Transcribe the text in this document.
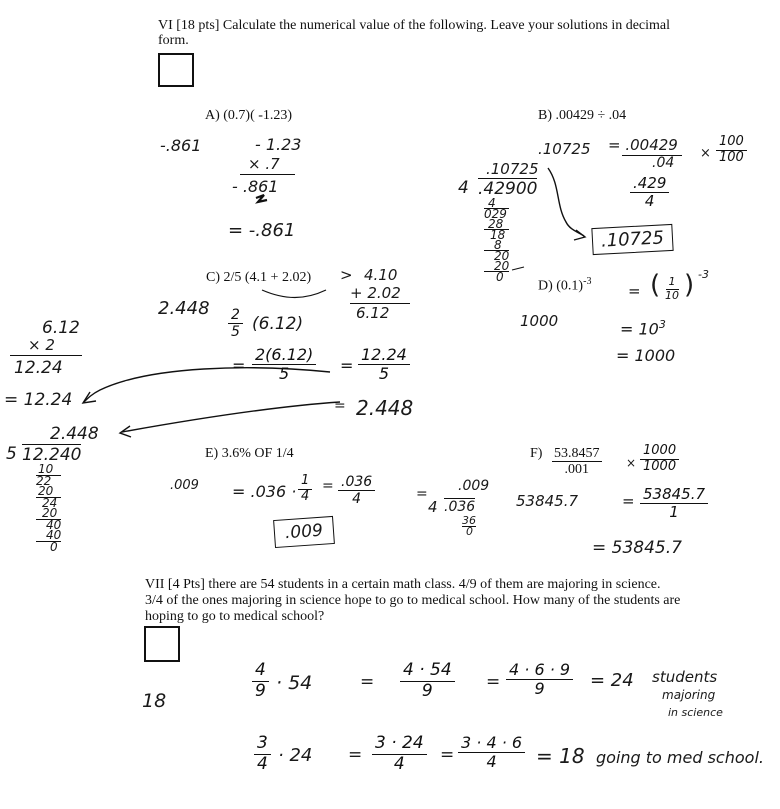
VI [18 pts] Calculate the numerical value of the following. Leave your solutions in decimal
form.
A) (0.7)( -1.23)
-.861	- 1.23
× .7
- .861
= -.861
B) .00429 ÷ .04
.10725
.10725
4 .42900
4
029
28
18
8
20
20
0
= .00429
.04
× $\frac{100}{100}$
$\frac{.429}{4}$
.10725
C) 2/5 (4.1 + 2.02) > 4.10
+ 2.02
6.12
$2.448 \frac{2}{5} (6.12)$
= $\frac{2(6.12)}{5} = \frac{12.24}{5}$
= 2.448
6.12
× 2
12.24
= 12.24
2.448
5 12.240
10
22
20
24
20
40
40
0
D) $(0.1)^{-3}$
1000
= ( $\frac{1}{10}$ ) -3
= $10^3$
= 1000
E) 3.6% OF 1/4
$.009 = .036 \cdot \frac{1}{4} = \frac{.036}{4}$	= .009
4 .036
36
0
.009
$F) \frac{53.8457}{.001} \times \frac{1000}{1000}$
53845.7	= $\frac{53845.7}{1}$
= 53845.7
VII [4 Pts] there are 54 students in a certain math class. 4/9 of them are majoring in science.
3/4 of the ones majoring in science hope to go to medical school. How many of the students are
hoping to go to medical school?
18	$\frac{4}{9} \cdot 54$	= $\frac{4 \cdot 54}{9} = \frac{4 \cdot 6 \cdot 9}{9} = 24$ students
majoring
in science
$\frac{3}{4} \cdot 24 = \frac{3 \cdot 24}{4} = \frac{3 \cdot 4 \cdot 6}{4} = 18$ going to med school.
